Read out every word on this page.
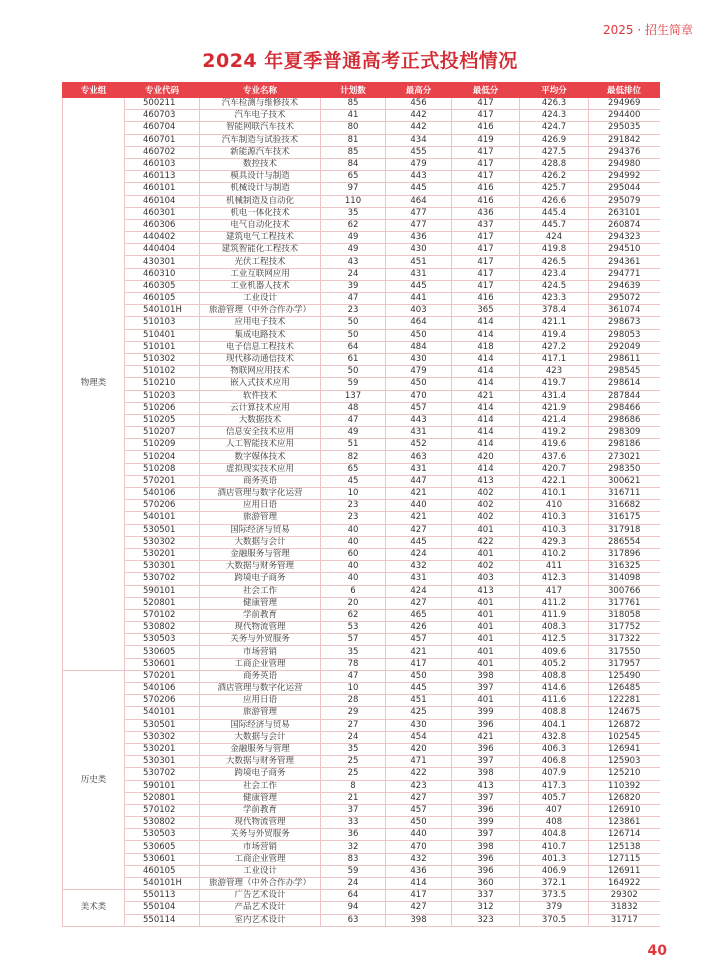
2025 · 招生简章
2024 年夏季普通高考正式投档情况
专业组	专业代码	专业名称	计划数	最高分	最低分	平均分	最低排位
物理类	500211	汽车检测与维修技术	85	456	417	426.3	294969
	460703	汽车电子技术	41	442	417	424.3	294400
	460704	智能网联汽车技术	80	442	416	424.7	295035
	460701	汽车制造与试验技术	81	434	419	426.9	291842
	460702	新能源汽车技术	85	455	417	427.5	294376
	460103	数控技术	84	479	417	428.8	294980
	460113	模具设计与制造	65	443	417	426.2	294992
	460101	机械设计与制造	97	445	416	425.7	295044
	460104	机械制造及自动化	110	464	416	426.6	295079
	460301	机电一体化技术	35	477	436	445.4	263101
	460306	电气自动化技术	62	477	437	445.7	260874
	440402	建筑电气工程技术	49	436	417	424	294323
	440404	建筑智能化工程技术	49	430	417	419.8	294510
	430301	光伏工程技术	43	451	417	426.5	294361
	460310	工业互联网应用	24	431	417	423.4	294771
	460305	工业机器人技术	39	445	417	424.5	294639
	460105	工业设计	47	441	416	423.3	295072
	540101H	旅游管理（中外合作办学）	23	403	365	378.4	361074
	510103	应用电子技术	50	464	414	421.1	298673
	510401	集成电路技术	50	450	414	419.4	298053
	510101	电子信息工程技术	64	484	418	427.2	292049
	510302	现代移动通信技术	61	430	414	417.1	298611
	510102	物联网应用技术	50	479	414	423	298545
	510210	嵌入式技术应用	59	450	414	419.7	298614
	510203	软件技术	137	470	421	431.4	287844
	510206	云计算技术应用	48	457	414	421.9	298466
	510205	大数据技术	47	443	414	421.4	298686
	510207	信息安全技术应用	49	431	414	419.2	298309
	510209	人工智能技术应用	51	452	414	419.6	298186
	510204	数字媒体技术	82	463	420	437.6	273021
	510208	虚拟现实技术应用	65	431	414	420.7	298350
	570201	商务英语	45	447	413	422.1	300621
	540106	酒店管理与数字化运营	10	421	402	410.1	316711
	570206	应用日语	23	440	402	410	316682
	540101	旅游管理	23	421	402	410.3	316175
	530501	国际经济与贸易	40	427	401	410.3	317918
	530302	大数据与会计	40	445	422	429.3	286554
	530201	金融服务与管理	60	424	401	410.2	317896
	530301	大数据与财务管理	40	432	402	411	316325
	530702	跨境电子商务	40	431	403	412.3	314098
	590101	社会工作	6	424	413	417	300766
	520801	健康管理	20	427	401	411.2	317761
	570102	学前教育	62	465	401	411.9	318058
	530802	现代物流管理	53	426	401	408.3	317752
	530503	关务与外贸服务	57	457	401	412.5	317322
	530605	市场营销	35	421	401	409.6	317550
	530601	工商企业管理	78	417	401	405.2	317957
历史类	570201	商务英语	47	450	398	408.8	125490
	540106	酒店管理与数字化运营	10	445	397	414.6	126485
	570206	应用日语	28	451	401	411.6	122281
	540101	旅游管理	29	425	399	408.8	124675
	530501	国际经济与贸易	27	430	396	404.1	126872
	530302	大数据与会计	24	454	421	432.8	102545
	530201	金融服务与管理	35	420	396	406.3	126941
	530301	大数据与财务管理	25	471	397	406.8	125903
	530702	跨境电子商务	25	422	398	407.9	125210
	590101	社会工作	8	423	413	417.3	110392
	520801	健康管理	21	427	397	405.7	126820
	570102	学前教育	37	457	396	407	126910
	530802	现代物流管理	33	450	399	408	123861
	530503	关务与外贸服务	36	440	397	404.8	126714
	530605	市场营销	32	470	398	410.7	125138
	530601	工商企业管理	83	432	396	401.3	127115
	460105	工业设计	59	436	396	406.9	126911
	540101H	旅游管理（中外合作办学）	24	414	360	372.1	164922
美术类	550113	广告艺术设计	64	417	337	373.5	29302
	550104	产品艺术设计	94	427	312	379	31832
	550114	室内艺术设计	63	398	323	370.5	31717
40
